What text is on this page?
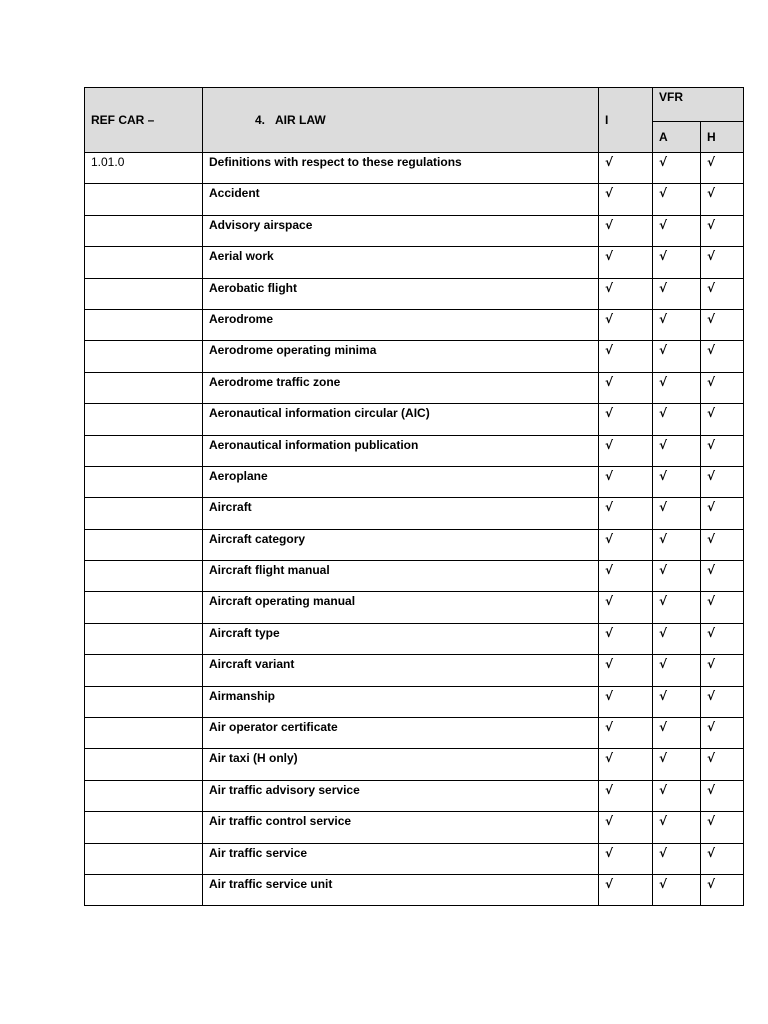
REF CAR –	4. AIR LAW	I	VFR	
			A	H
1.01.0	Definitions with respect to these regulations	√	√	√
	Accident	√	√	√
	Advisory airspace	√	√	√
	Aerial work	√	√	√
	Aerobatic flight	√	√	√
	Aerodrome	√	√	√
	Aerodrome operating minima	√	√	√
	Aerodrome traffic zone	√	√	√
	Aeronautical information circular (AIC)	√	√	√
	Aeronautical information publication	√	√	√
	Aeroplane	√	√	√
	Aircraft	√	√	√
	Aircraft category	√	√	√
	Aircraft flight manual	√	√	√
	Aircraft operating manual	√	√	√
	Aircraft type	√	√	√
	Aircraft variant	√	√	√
	Airmanship	√	√	√
	Air operator certificate	√	√	√
	Air taxi (H only)	√	√	√
	Air traffic advisory service	√	√	√
	Air traffic control service	√	√	√
	Air traffic service	√	√	√
	Air traffic service unit	√	√	√
